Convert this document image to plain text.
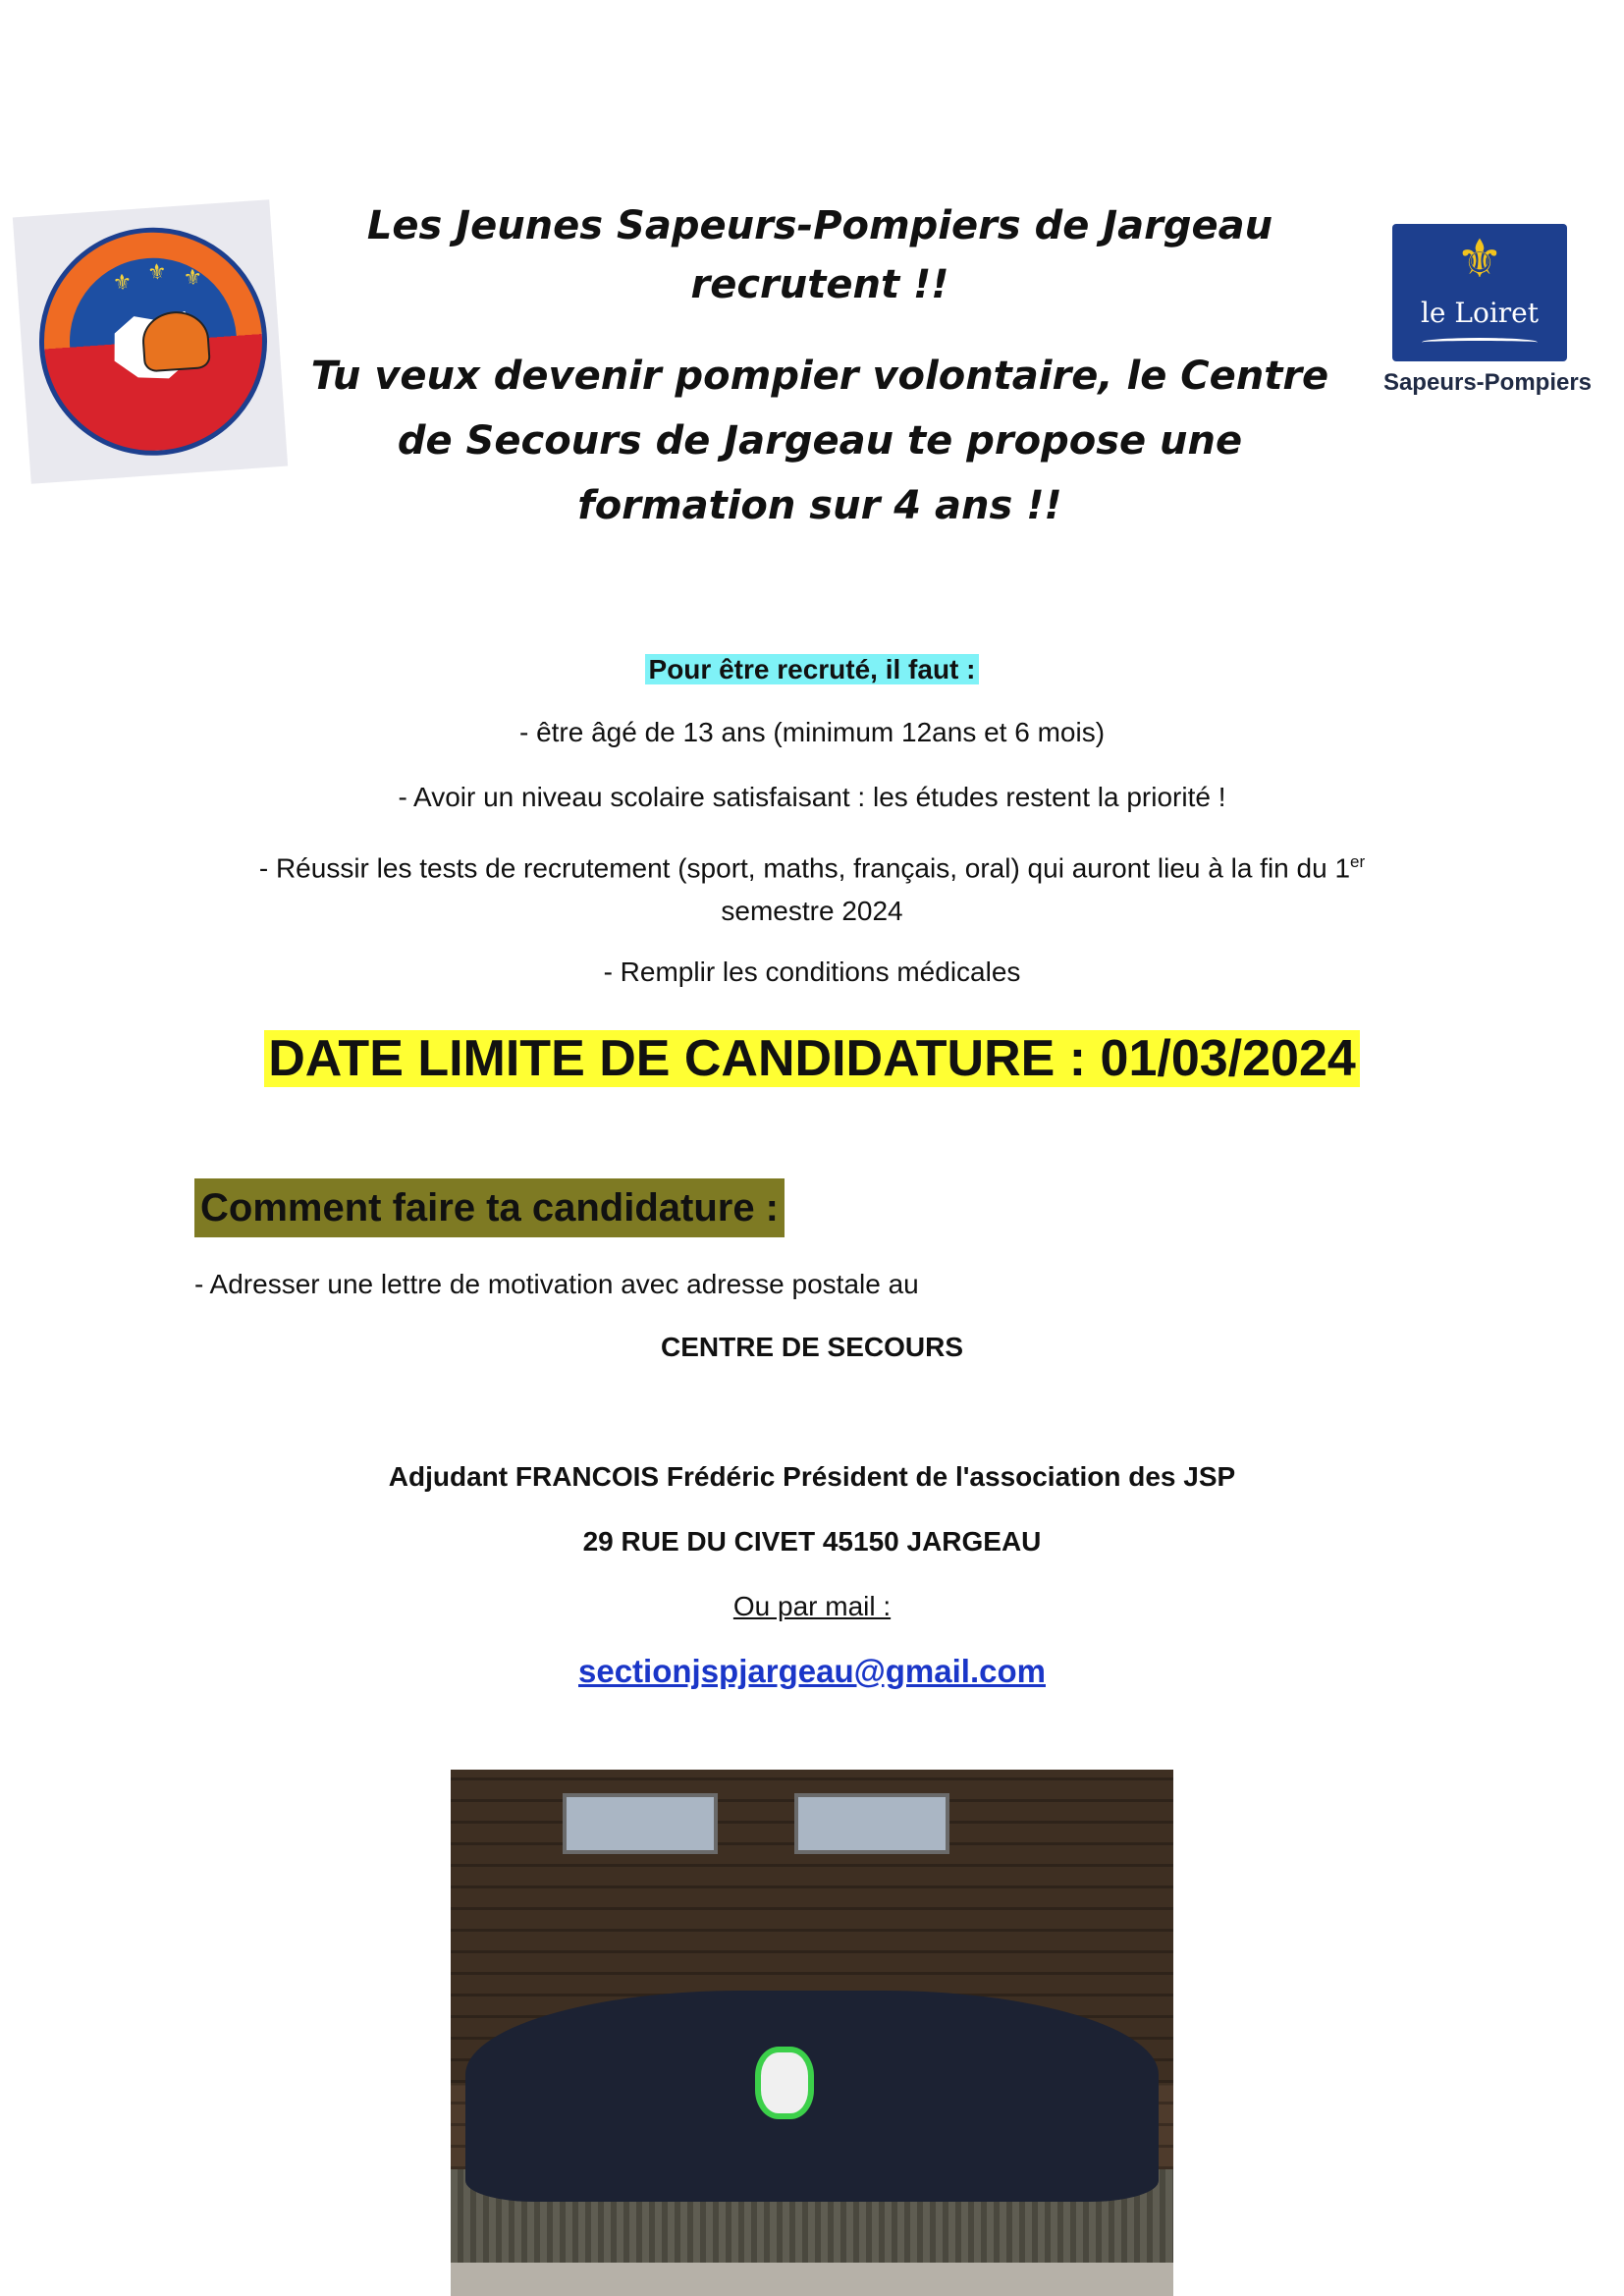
⚜ ⚜ ⚜	⚜
le Loiret
Sapeurs-Pompiers
Les Jeunes Sapeurs-Pompiers de Jargeau
recrutent !!
Tu veux devenir pompier volontaire, le Centre
de Secours de Jargeau te propose une
formation sur 4 ans !!
Pour être recruté, il faut :
- être âgé de 13 ans (minimum 12ans et 6 mois)
- Avoir un niveau scolaire satisfaisant : les études restent la priorité !
- Réussir les tests de recrutement (sport, maths, français, oral) qui auront lieu à la fin du 1er
semestre 2024
- Remplir les conditions médicales
DATE LIMITE DE CANDIDATURE : 01/03/2024
Comment faire ta candidature :
- Adresser une lettre de motivation avec adresse postale au
CENTRE DE SECOURS
Adjudant FRANCOIS Frédéric Président de l'association des JSP
29 RUE DU CIVET 45150 JARGEAU
Ou par mail :
sectionjspjargeau@gmail.com
